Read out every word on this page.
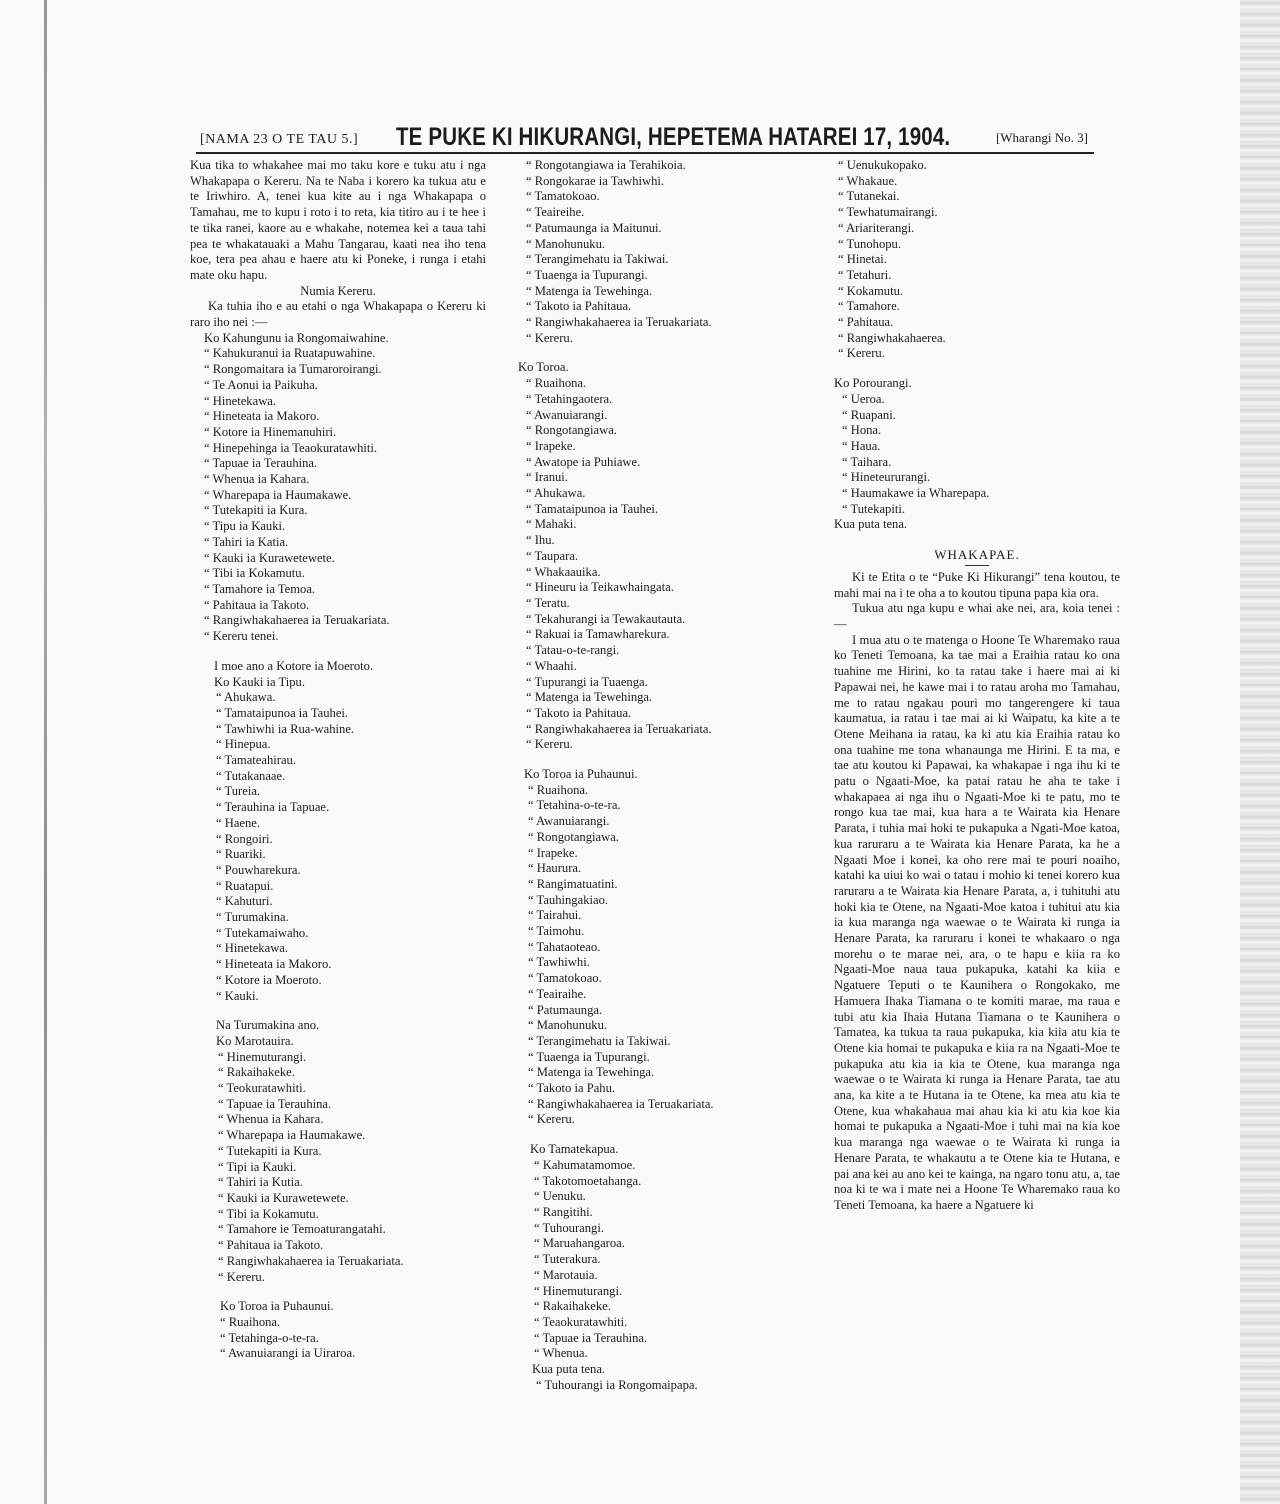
[NAMA 23 O TE TAU 5.] TE PUKE KI HIKURANGI, HEPETEMA HATAREI 17, 1904.	[Wharangi No. 3]

Kua tika to whakahee mai mo taku kore e tuku atu i nga Whakapapa o Kereru. Na te Naba i korero ka tukua atu e te Iriwhiro. A, tenei kua kite au i nga Whakapapa o Tamahau, me to kupu i roto i to reta, kia titiro au i te hee i te tika ranei, kaore au e whakahe, notemea kei a taua tahi pea te whakatauaki a Mahu Tangarau, kaati nea iho tena koe, tera pea ahau e haere atu ki Poneke, i runga i etahi mate oku hapu.

Numia Kereru.

Ka tuhia iho e au etahi o nga Whakapapa o Kereru ki raro iho nei :—

Ko Kahungunu ia Rongomaiwahine.

“ Kahukuranui ia Ruatapuwahine.

“ Rongomaitara ia Tumaroroirangi.

“ Te Aonui ia Paikuha.

“ Hinetekawa.

“ Hineteata ia Makoro.

“ Kotore ia Hinemanuhiri.

“ Hinepehinga ia Teaokuratawhiti.

“ Tapuae ia Terauhina.

“ Whenua ia Kahara.

“ Wharepapa ia Haumakawe.

“ Tutekapiti ia Kura.

“ Tipu ia Kauki.

“ Tahiri ia Katia.

“ Kauki ia Kurawetewete.

“ Tibi ia Kokamutu.

“ Tamahore ia Temoa.

“ Pahitaua ia Takoto.

“ Rangiwhakahaerea ia Teruakariata.

“ Kereru tenei.

I moe ano a Kotore ia Moeroto.

Ko Kauki ia Tipu.

“ Ahukawa.

“ Tamataipunoa ia Tauhei.

“ Tawhiwhi ia Rua-wahine.

“ Hinepua.

“ Tamateahirau.

“ Tutakanaae.

“ Tureia.

“ Terauhina ia Tapuae.

“ Haene.

“ Rongoiri.

“ Ruariki.

“ Pouwharekura.

“ Ruatapui.

“ Kahuturi.

“ Turumakina.

“ Tutekamaiwaho.

“ Hinetekawa.

“ Hineteata ia Makoro.

“ Kotore ia Moeroto.

“ Kauki.

Na Turumakina ano.

Ko Marotauira.

“ Hinemuturangi.

“ Rakaihakeke.

“ Teokuratawhiti.

“ Tapuae ia Terauhina.

“ Whenua ia Kahara.

“ Wharepapa ia Haumakawe.

“ Tutekapiti ia Kura.

“ Tipi ia Kauki.

“ Tahiri ia Kutia.

“ Kauki ia Kurawetewete.

“ Tibi ia Kokamutu.

“ Tamahore ie Temoaturangatahi.

“ Pahitaua ia Takoto.

“ Rangiwhakahaerea ia Teruakariata.

“ Kereru.

Ko Toroa ia Puhaunui.

“ Ruaihona.

“ Tetahinga-o-te-ra.

“ Awanuiarangi ia Uiraroa.

“ Rongotangiawa ia Terahikoia.

“ Rongokarae ia Tawhiwhi.

“ Tamatokoao.

“ Teaireihe.

“ Patumaunga ia Maitunui.

“ Manohunuku.

“ Terangimehatu ia Takiwai.

“ Tuaenga ia Tupurangi.

“ Matenga ia Tewehinga.

“ Takoto ia Pahitaua.

“ Rangiwhakahaerea ia Teruakariata.

“ Kereru.

Ko Toroa.

“ Ruaihona.

“ Tetahingaotera.

“ Awanuiarangi.

“ Rongotangiawa.

“ Irapeke.

“ Awatope ia Puhiawe.

“ Iranui.

“ Ahukawa.

“ Tamataipunoa ia Tauhei.

“ Mahaki.

“ Ihu.

“ Taupara.

“ Whakaauika.

“ Hineuru ia Teikawhaingata.

“ Teratu.

“ Tekahurangi ia Tewakautauta.

“ Rakuai ia Tamawharekura.

“ Tatau-o-te-rangi.

“ Whaahi.

“ Tupurangi ia Tuaenga.

“ Matenga ia Tewehinga.

“ Takoto ia Pahitaua.

“ Rangiwhakahaerea ia Teruakariata.

“ Kereru.

Ko Toroa ia Puhaunui.

“ Ruaihona.

“ Tetahina-o-te-ra.

“ Awanuiarangi.

“ Rongotangiawa.

“ Irapeke.

“ Haurura.

“ Rangimatuatini.

“ Tauhingakiao.

“ Tairahui.

“ Taimohu.

“ Tahataoteao.

“ Tawhiwhi.

“ Tamatokoao.

“ Teairaihe.

“ Patumaunga.

“ Manohunuku.

“ Terangimehatu ia Takiwai.

“ Tuaenga ia Tupurangi.

“ Matenga ia Tewehinga.

“ Takoto ia Pahu.

“ Rangiwhakahaerea ia Teruakariata.

“ Kereru.

Ko Tamatekapua.

“ Kahumatamomoe.

“ Takotomoetahanga.

“ Uenuku.

“ Rangitihi.

“ Tuhourangi.

“ Maruahangaroa.

“ Tuterakura.

“ Marotauia.

“ Hinemuturangi.

“ Rakaihakeke.

“ Teaokuratawhiti.

“ Tapuae ia Terauhina.

“ Whenua.

Kua puta tena.

“ Tuhourangi ia Rongomaipapa.

“ Uenukukopako.

“ Whakaue.

“ Tutanekai.

“ Tewhatumairangi.

“ Ariariterangi.

“ Tunohopu.

“ Hinetai.

“ Tetahuri.

“ Kokamutu.

“ Tamahore.

“ Pahitaua.

“ Rangiwhakahaerea.

“ Kereru.

Ko Porourangi.

“ Ueroa.

“ Ruapani.

“ Hona.

“ Haua.

“ Taihara.

“ Hineteururangi.

“ Haumakawe ia Wharepapa.

“ Tutekapiti.

Kua puta tena.

WHAKAPAE.

Ki te Etita o te “Puke Ki Hikurangi” tena koutou, te mahi mai na i te oha a to koutou tipuna papa kia ora.

Tukua atu nga kupu e whai ake nei, ara, koia tenei :—

I mua atu o te matenga o Hoone Te Wharemako raua ko Teneti Temoana, ka tae mai a Eraihia ratau ko ona tuahine me Hirini, ko ta ratau take i haere mai ai ki Papawai nei, he kawe mai i to ratau aroha mo Tamahau, me to ratau ngakau pouri mo tangerengere ki taua kaumatua, ia ratau i tae mai ai ki Waipatu, ka kite a te Otene Meihana ia ratau, ka ki atu kia Eraihia ratau ko ona tuahine me tona whanaunga me Hirini. E ta ma, e tae atu koutou ki Papawai, ka whakapae i nga ihu ki te patu o Ngaati-Moe, ka patai ratau he aha te take i whakapaea ai nga ihu o Ngaati-Moe ki te patu, mo te rongo kua tae mai, kua hara a te Wairata kia Henare Parata, i tuhia mai hoki te pukapuka a Ngati-Moe katoa, kua raruraru a te Wairata kia Henare Parata, ka he a Ngaati Moe i konei, ka oho rere mai te pouri noaiho, katahi ka uiui ko wai o tatau i mohio ki tenei korero kua raruraru a te Wairata kia Henare Parata, a, i tuhituhi atu hoki kia te Otene, na Ngaati-Moe katoa i tuhitui atu kia ia kua maranga nga waewae o te Wairata ki runga ia Henare Parata, ka raruraru i konei te whakaaro o nga morehu o te marae nei, ara, o te hapu e kiia ra ko Ngaati-Moe naua taua pukapuka, katahi ka kiia e Ngatuere Teputi o te Kaunihera o Rongokako, me Hamuera Ihaka Tiamana o te komiti marae, ma raua e tubi atu kia Ihaia Hutana Tiamana o te Kaunihera o Tamatea, ka tukua ta raua pukapuka, kia kiia atu kia te Otene kia homai te pukapuka e kiia ra na Ngaati-Moe te pukapuka atu kia ia kia te Otene, kua maranga nga waewae o te Wairata ki runga ia Henare Parata, tae atu ana, ka kite a te Hutana ia te Otene, ka mea atu kia te Otene, kua whakahaua mai ahau kia ki atu kia koe kia homai te pukapuka a Ngaati-Moe i tuhi mai na kia koe kua maranga nga waewae o te Wairata ki runga ia Henare Parata, te whakautu a te Otene kia te Hutana, e pai ana kei au ano kei te kainga, na ngaro tonu atu, a, tae noa ki te wa i mate nei a Hoone Te Wharemako raua ko Teneti Temoana, ka haere a Ngatuere ki
